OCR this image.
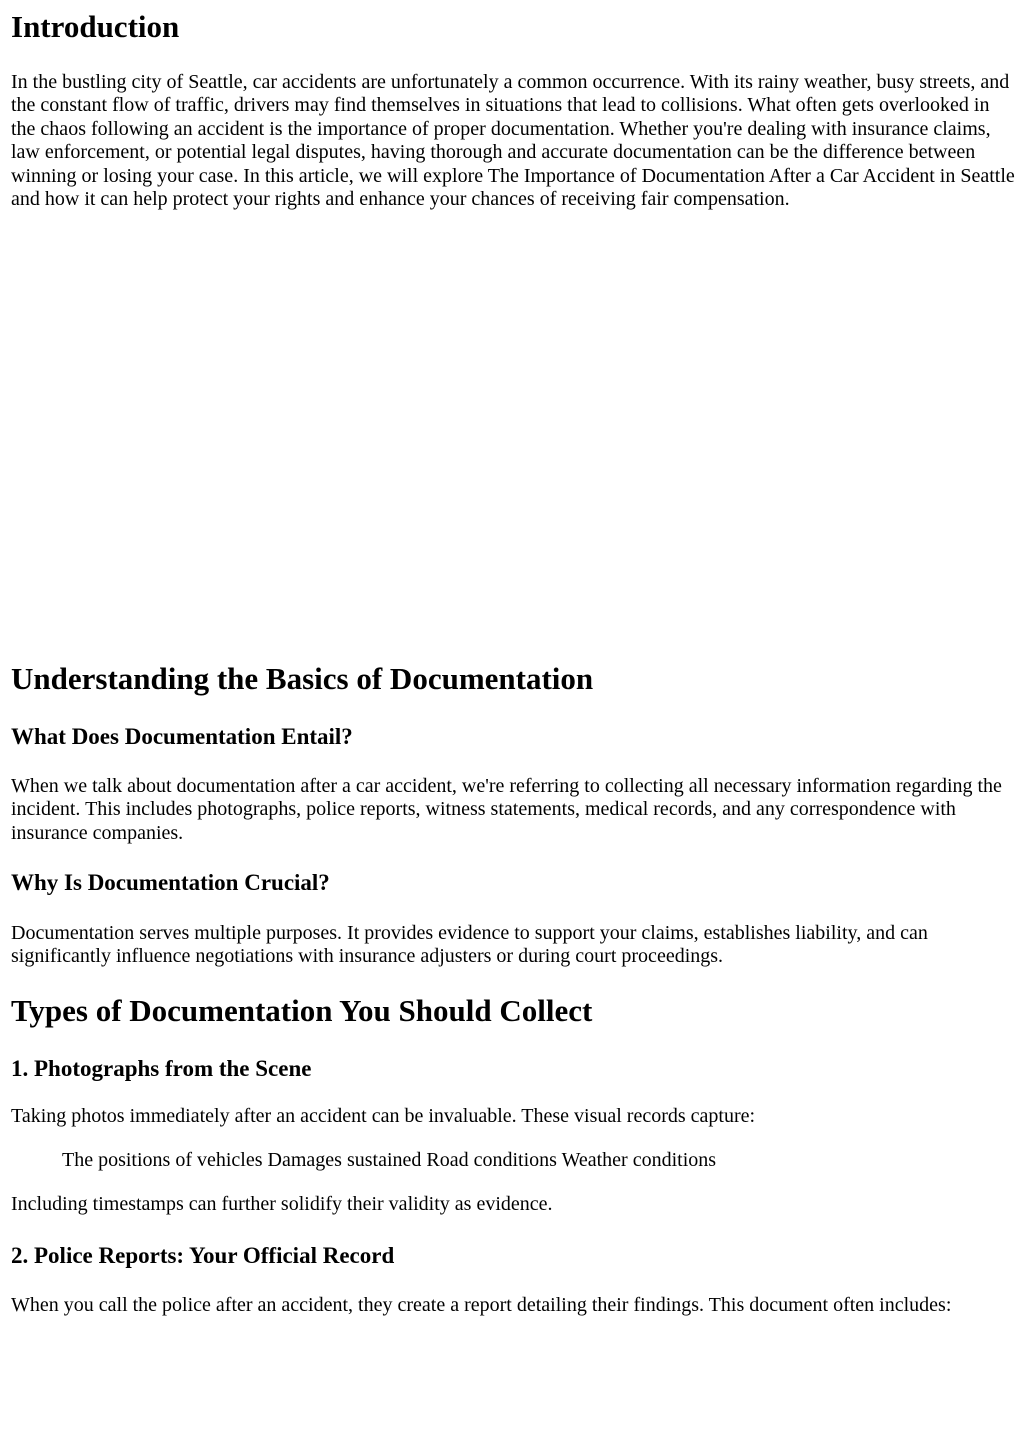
Introduction

In the bustling city of Seattle, car accidents are unfortunately a common occurrence. With its rainy weather, busy streets, and the constant flow of traffic, drivers may find themselves in situations that lead to collisions. What often gets overlooked in the chaos following an accident is the importance of proper documentation. Whether you're dealing with insurance claims, law enforcement, or potential legal disputes, having thorough and accurate documentation can be the difference between winning or losing your case. In this article, we will explore The Importance of Documentation After a Car Accident in Seattle and how it can help protect your rights and enhance your chances of receiving fair compensation.

Understanding the Basics of Documentation
What Does Documentation Entail?

When we talk about documentation after a car accident, we're referring to collecting all necessary information regarding the incident. This includes photographs, police reports, witness statements, medical records, and any correspondence with insurance companies.

Why Is Documentation Crucial?

Documentation serves multiple purposes. It provides evidence to support your claims, establishes liability, and can significantly influence negotiations with insurance adjusters or during court proceedings.

Types of Documentation You Should Collect
1. Photographs from the Scene

Taking photos immediately after an accident can be invaluable. These visual records capture:

The positions of vehicles Damages sustained Road conditions Weather conditions

Including timestamps can further solidify their validity as evidence.

2. Police Reports: Your Official Record

When you call the police after an accident, they create a report detailing their findings. This document often includes:
